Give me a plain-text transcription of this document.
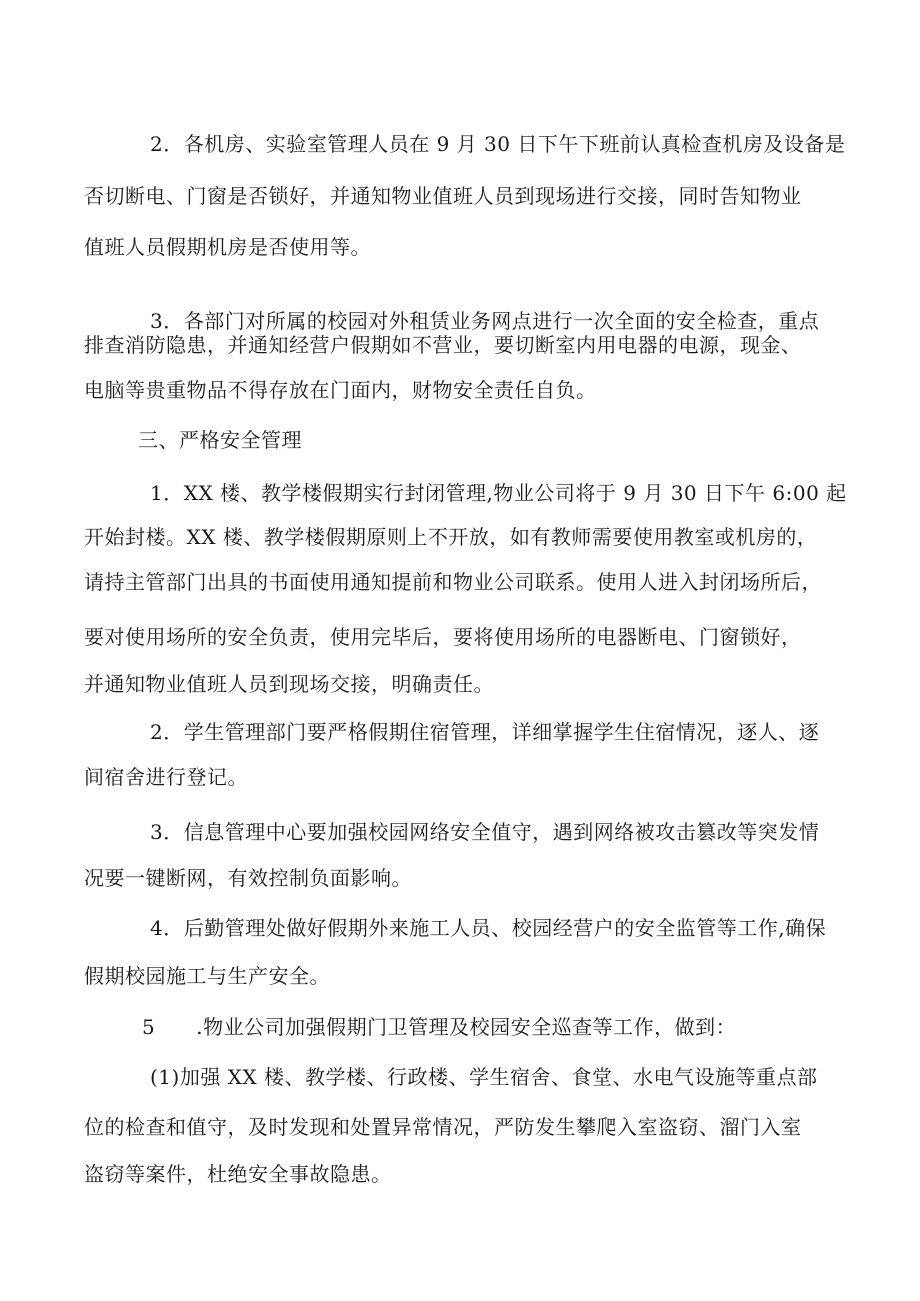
2．各机房、实验室管理人员在 9 月 30 日下午下班前认真检查机房及设备是
否切断电、门窗是否锁好，并通知物业值班人员到现场进行交接，同时告知物业
值班人员假期机房是否使用等。
3．各部门对所属的校园对外租赁业务网点进行一次全面的安全检查，重点
排查消防隐患，并通知经营户假期如不营业，要切断室内用电器的电源，现金、
电脑等贵重物品不得存放在门面内，财物安全责任自负。
三、严格安全管理
1．XX 楼、教学楼假期实行封闭管理,物业公司将于 9 月 30 日下午 6:00 起
开始封楼。XX 楼、教学楼假期原则上不开放，如有教师需要使用教室或机房的，
请持主管部门出具的书面使用通知提前和物业公司联系。使用人进入封闭场所后，
要对使用场所的安全负责，使用完毕后，要将使用场所的电器断电、门窗锁好，
并通知物业值班人员到现场交接，明确责任。
2．学生管理部门要严格假期住宿管理，详细掌握学生住宿情况，逐人、逐
间宿舍进行登记。
3．信息管理中心要加强校园网络安全值守，遇到网络被攻击篡改等突发情
况要一键断网，有效控制负面影响。
4．后勤管理处做好假期外来施工人员、校园经营户的安全监管等工作,确保
假期校园施工与生产安全。
5　　.物业公司加强假期门卫管理及校园安全巡查等工作，做到：
(1)加强 XX 楼、教学楼、行政楼、学生宿舍、食堂、水电气设施等重点部
位的检查和值守，及时发现和处置异常情况，严防发生攀爬入室盗窃、溜门入室
盗窃等案件，杜绝安全事故隐患。
